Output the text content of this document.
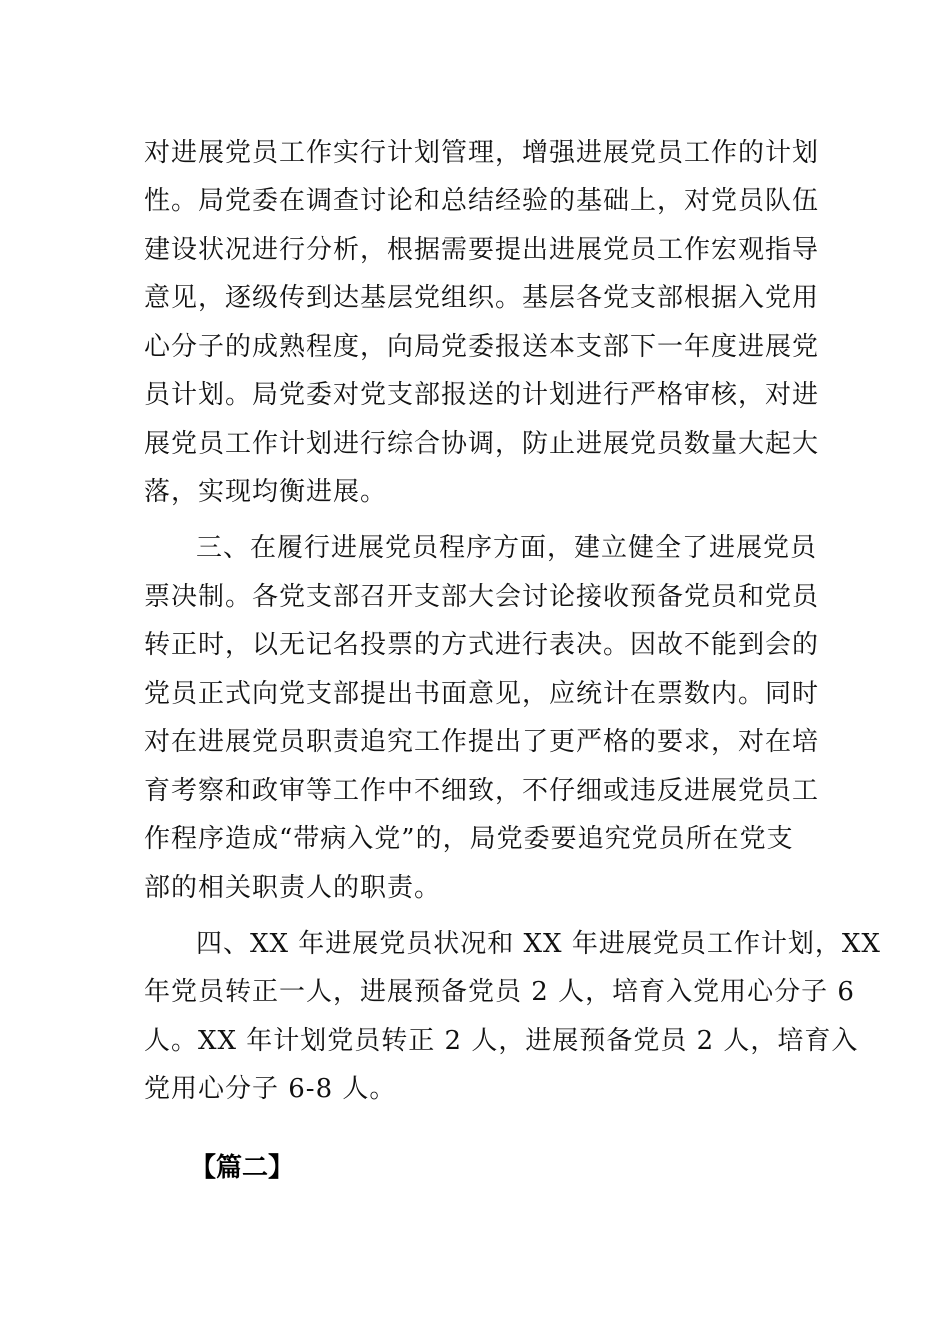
对进展党员工作实行计划管理，增强进展党员工作的计划
性。局党委在调查讨论和总结经验的基础上，对党员队伍
建设状况进行分析，根据需要提出进展党员工作宏观指导
意见，逐级传到达基层党组织。基层各党支部根据入党用
心分子的成熟程度，向局党委报送本支部下一年度进展党
员计划。局党委对党支部报送的计划进行严格审核，对进
展党员工作计划进行综合协调，防止进展党员数量大起大
落，实现均衡进展。
三、在履行进展党员程序方面，建立健全了进展党员
票决制。各党支部召开支部大会讨论接收预备党员和党员
转正时，以无记名投票的方式进行表决。因故不能到会的
党员正式向党支部提出书面意见，应统计在票数内。同时
对在进展党员职责追究工作提出了更严格的要求，对在培
育考察和政审等工作中不细致，不仔细或违反进展党员工
作程序造成“带病入党”的，局党委要追究党员所在党支
部的相关职责人的职责。
四、XX 年进展党员状况和 XX 年进展党员工作计划，XX
年党员转正一人，进展预备党员 2 人，培育入党用心分子 6
人。XX 年计划党员转正 2 人，进展预备党员 2 人，培育入
党用心分子 6-8 人。
【篇二】
